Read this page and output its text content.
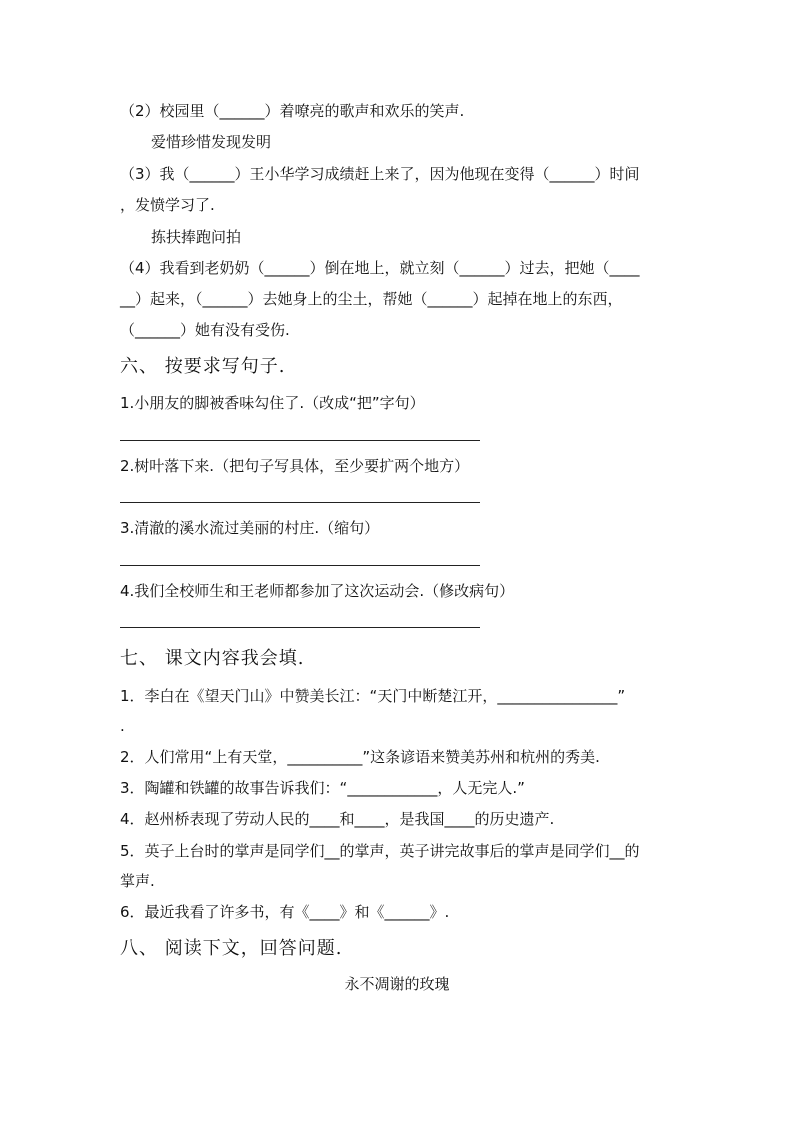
（2）校园里（______）着嘹亮的歌声和欢乐的笑声.
爱惜珍惜发现发明
（3）我（______）王小华学习成绩赶上来了，因为他现在变得（______）时间
，发愤学习了.
拣扶捧跑问拍
（4）我看到老奶奶（______）倒在地上，就立刻（______）过去，把她（____
__）起来，（______）去她身上的尘土，帮她（______）起掉在地上的东西，
（______）她有没有受伤.
六、 按要求写句子.
1.小朋友的脚被香味勾住了.（改成“把”字句）
2.树叶落下来.（把句子写具体，至少要扩两个地方）
3.清澈的溪水流过美丽的村庄.（缩句）
4.我们全校师生和王老师都参加了这次运动会.（修改病句）
七、 课文内容我会填.
1．李白在《望天门山》中赞美长江：“天门中断楚江开，________________”
.
2．人们常用“上有天堂，__________”这条谚语来赞美苏州和杭州的秀美.
3．陶罐和铁罐的故事告诉我们：“____________，人无完人.”
4．赵州桥表现了劳动人民的____和____，是我国____的历史遗产.
5．英子上台时的掌声是同学们__的掌声，英子讲完故事后的掌声是同学们__的
掌声.
6．最近我看了许多书，有《____》和《______》.
八、 阅读下文，回答问题.
永不凋谢的玫瑰
